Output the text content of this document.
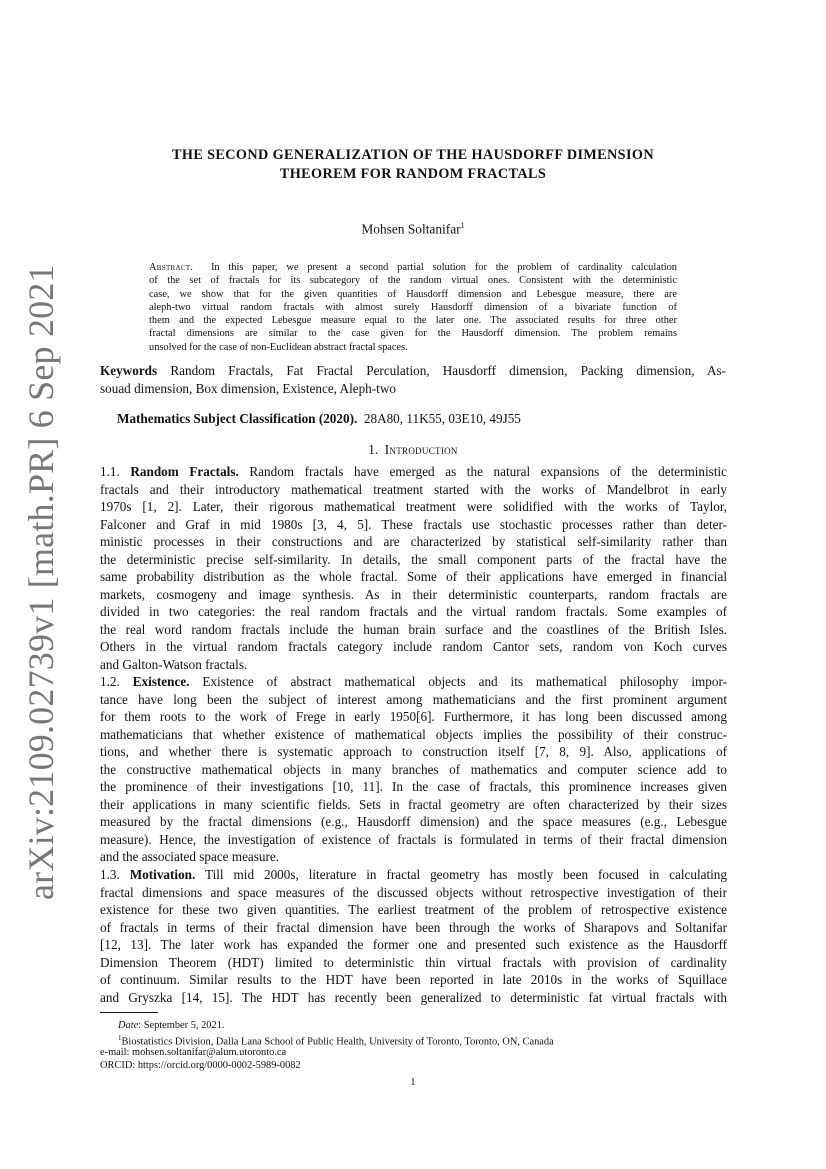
arXiv:2109.02739v1 [math.PR] 6 Sep 2021
THE SECOND GENERALIZATION OF THE HAUSDORFF DIMENSION
THEOREM FOR RANDOM FRACTALS
Mohsen Soltanifar$^1$
Abstract. In this paper, we present a second partial solution for the problem of cardinality calculation
of the set of fractals for its subcategory of the random virtual ones. Consistent with the deterministic
case, we show that for the given quantities of Hausdorff dimension and Lebesgue measure, there are
aleph-two virtual random fractals with almost surely Hausdorff dimension of a bivariate function of
them and the expected Lebesgue measure equal to the later one. The associated results for three other
fractal dimensions are similar to the case given for the Hausdorff dimension. The problem remains
unsolved for the case of non-Euclidean abstract fractal spaces.
Keywords Random Fractals, Fat Fractal Perculation, Hausdorff dimension, Packing dimension, As-
souad dimension, Box dimension, Existence, Aleph-two
Mathematics Subject Classification (2020). 28A80, 11K55, 03E10, 49J55
1. Introduction
1.1. Random Fractals. Random fractals have emerged as the natural expansions of the deterministic
fractals and their introductory mathematical treatment started with the works of Mandelbrot in early
1970s [1, 2]. Later, their rigorous mathematical treatment were solidified with the works of Taylor,
Falconer and Graf in mid 1980s [3, 4, 5]. These fractals use stochastic processes rather than deter-
ministic processes in their constructions and are characterized by statistical self-similarity rather than
the deterministic precise self-similarity. In details, the small component parts of the fractal have the
same probability distribution as the whole fractal. Some of their applications have emerged in financial
markets, cosmogeny and image synthesis. As in their deterministic counterparts, random fractals are
divided in two categories: the real random fractals and the virtual random fractals. Some examples of
the real word random fractals include the human brain surface and the coastlines of the British Isles.
Others in the virtual random fractals category include random Cantor sets, random von Koch curves
and Galton-Watson fractals.
1.2. Existence. Existence of abstract mathematical objects and its mathematical philosophy impor-
tance have long been the subject of interest among mathematicians and the first prominent argument
for them roots to the work of Frege in early 1950[6]. Furthermore, it has long been discussed among
mathematicians that whether existence of mathematical objects implies the possibility of their construc-
tions, and whether there is systematic approach to construction itself [7, 8, 9]. Also, applications of
the constructive mathematical objects in many branches of mathematics and computer science add to
the prominence of their investigations [10, 11]. In the case of fractals, this prominence increases given
their applications in many scientific fields. Sets in fractal geometry are often characterized by their sizes
measured by the fractal dimensions (e.g., Hausdorff dimension) and the space measures (e.g., Lebesgue
measure). Hence, the investigation of existence of fractals is formulated in terms of their fractal dimension
and the associated space measure.
1.3. Motivation. Till mid 2000s, literature in fractal geometry has mostly been focused in calculating
fractal dimensions and space measures of the discussed objects without retrospective investigation of their
existence for these two given quantities. The earliest treatment of the problem of retrospective existence
of fractals in terms of their fractal dimension have been through the works of Sharapovs and Soltanifar
[12, 13]. The later work has expanded the former one and presented such existence as the Hausdorff
Dimension Theorem (HDT) limited to deterministic thin virtual fractals with provision of cardinality
of continuum. Similar results to the HDT have been reported in late 2010s in the works of Squillace
and Gryszka [14, 15]. The HDT has recently been generalized to deterministic fat virtual fractals with
Date: September 5, 2021.
$^1$Biostatistics Division, Dalla Lana School of Public Health, University of Toronto, Toronto, ON, Canada
e-mail: mohsen.soltanifar@alum.utoronto.ca
ORCID: https://orcid.org/0000-0002-5989-0082
1
